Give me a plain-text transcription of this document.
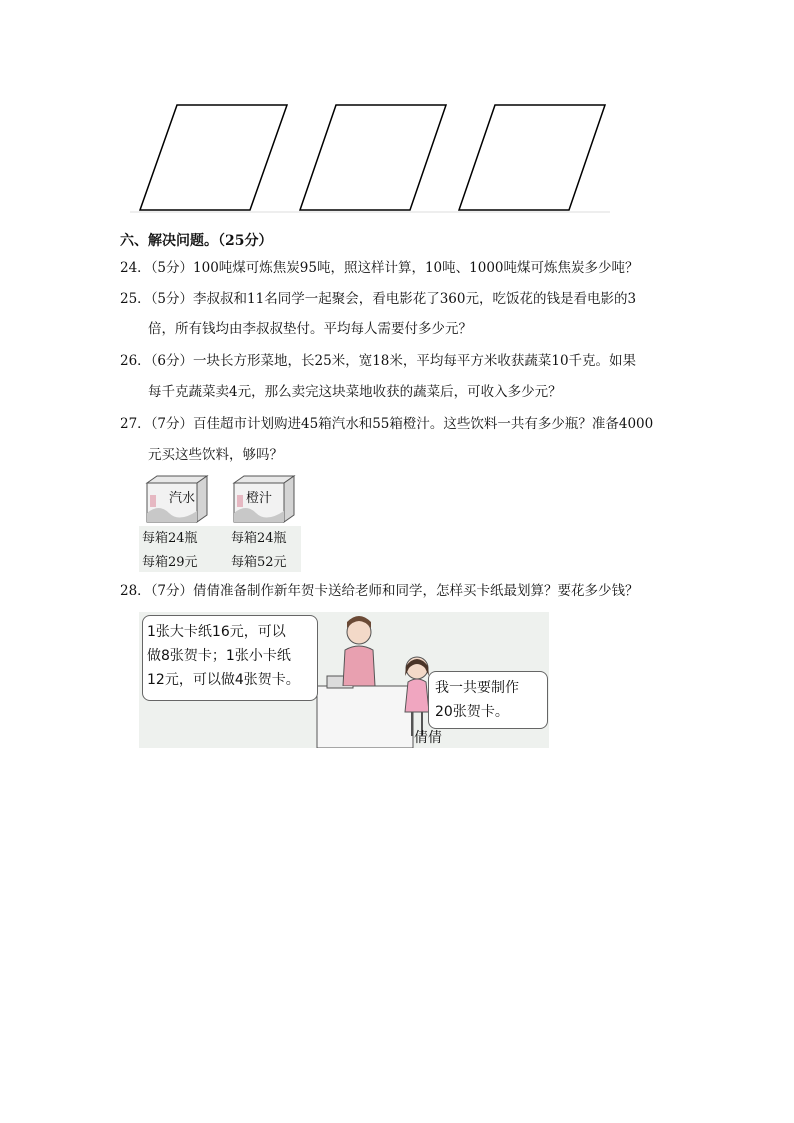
六、解决问题。（25分）
24．（5分）100吨煤可炼焦炭95吨，照这样计算，10吨、1000吨煤可炼焦炭多少吨？
25．（5分）李叔叔和11名同学一起聚会，看电影花了360元，吃饭花的钱是看电影的3
倍，所有钱均由李叔叔垫付。平均每人需要付多少元？
26．（6分）一块长方形菜地，长25米，宽18米，平均每平方米收获蔬菜10千克。如果
每千克蔬菜卖4元，那么卖完这块菜地收获的蔬菜后，可收入多少元？
27．（7分）百佳超市计划购进45箱汽水和55箱橙汁。这些饮料一共有多少瓶？准备4000
元买这些饮料，够吗？
汽水	橙汁
每箱24瓶
每箱29元
每箱24瓶
每箱52元
28．（7分）倩倩准备制作新年贺卡送给老师和同学，怎样买卡纸最划算？要花多少钱？
1张大卡纸16元，可以
做8张贺卡；1张小卡纸
12元，可以做4张贺卡。	我一共要制作
20张贺卡。
倩倩
